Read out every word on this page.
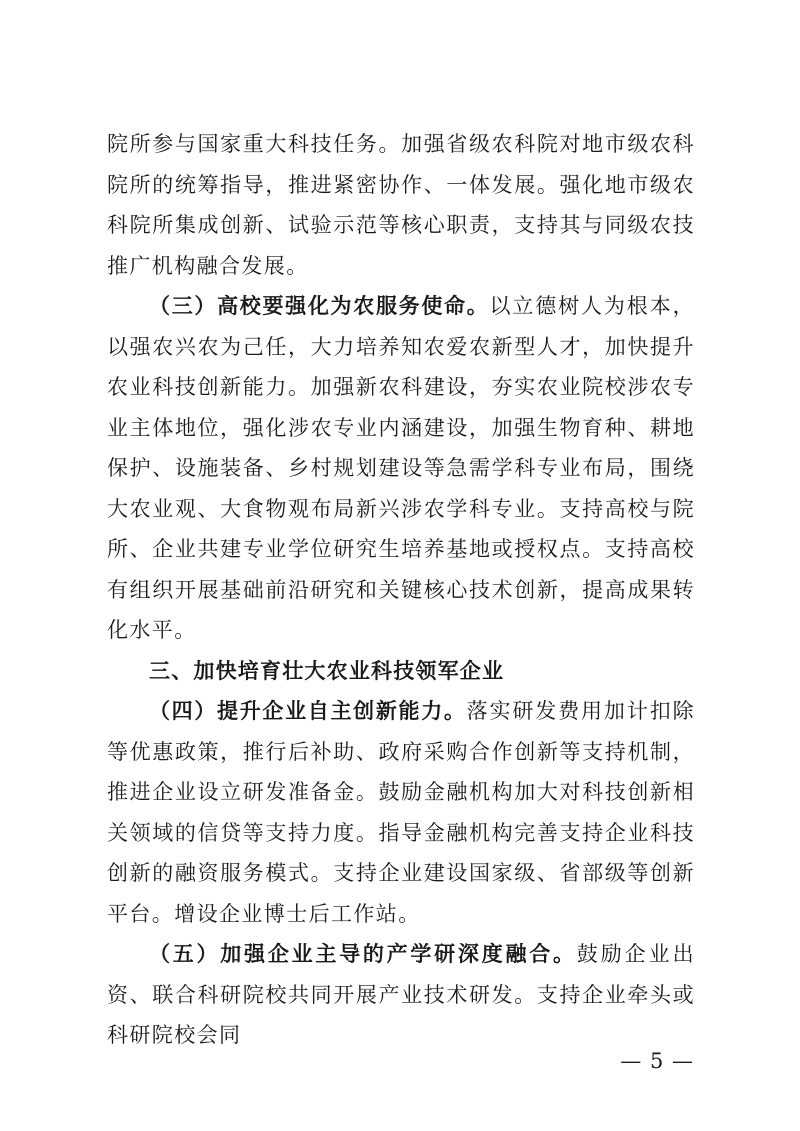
院所参与国家重大科技任务。加强省级农科院对地市级农科院所的统筹指导，推进紧密协作、一体发展。强化地市级农科院所集成创新、试验示范等核心职责，支持其与同级农技推广机构融合发展。

（三）高校要强化为农服务使命。以立德树人为根本，以强农兴农为己任，大力培养知农爱农新型人才，加快提升农业科技创新能力。加强新农科建设，夯实农业院校涉农专业主体地位，强化涉农专业内涵建设，加强生物育种、耕地保护、设施装备、乡村规划建设等急需学科专业布局，围绕大农业观、大食物观布局新兴涉农学科专业。支持高校与院所、企业共建专业学位研究生培养基地或授权点。支持高校有组织开展基础前沿研究和关键核心技术创新，提高成果转化水平。

三、加快培育壮大农业科技领军企业

（四）提升企业自主创新能力。落实研发费用加计扣除等优惠政策，推行后补助、政府采购合作创新等支持机制，推进企业设立研发准备金。鼓励金融机构加大对科技创新相关领域的信贷等支持力度。指导金融机构完善支持企业科技创新的融资服务模式。支持企业建设国家级、省部级等创新平台。增设企业博士后工作站。

（五）加强企业主导的产学研深度融合。鼓励企业出资、联合科研院校共同开展产业技术研发。支持企业牵头或科研院校会同

— 5 —
